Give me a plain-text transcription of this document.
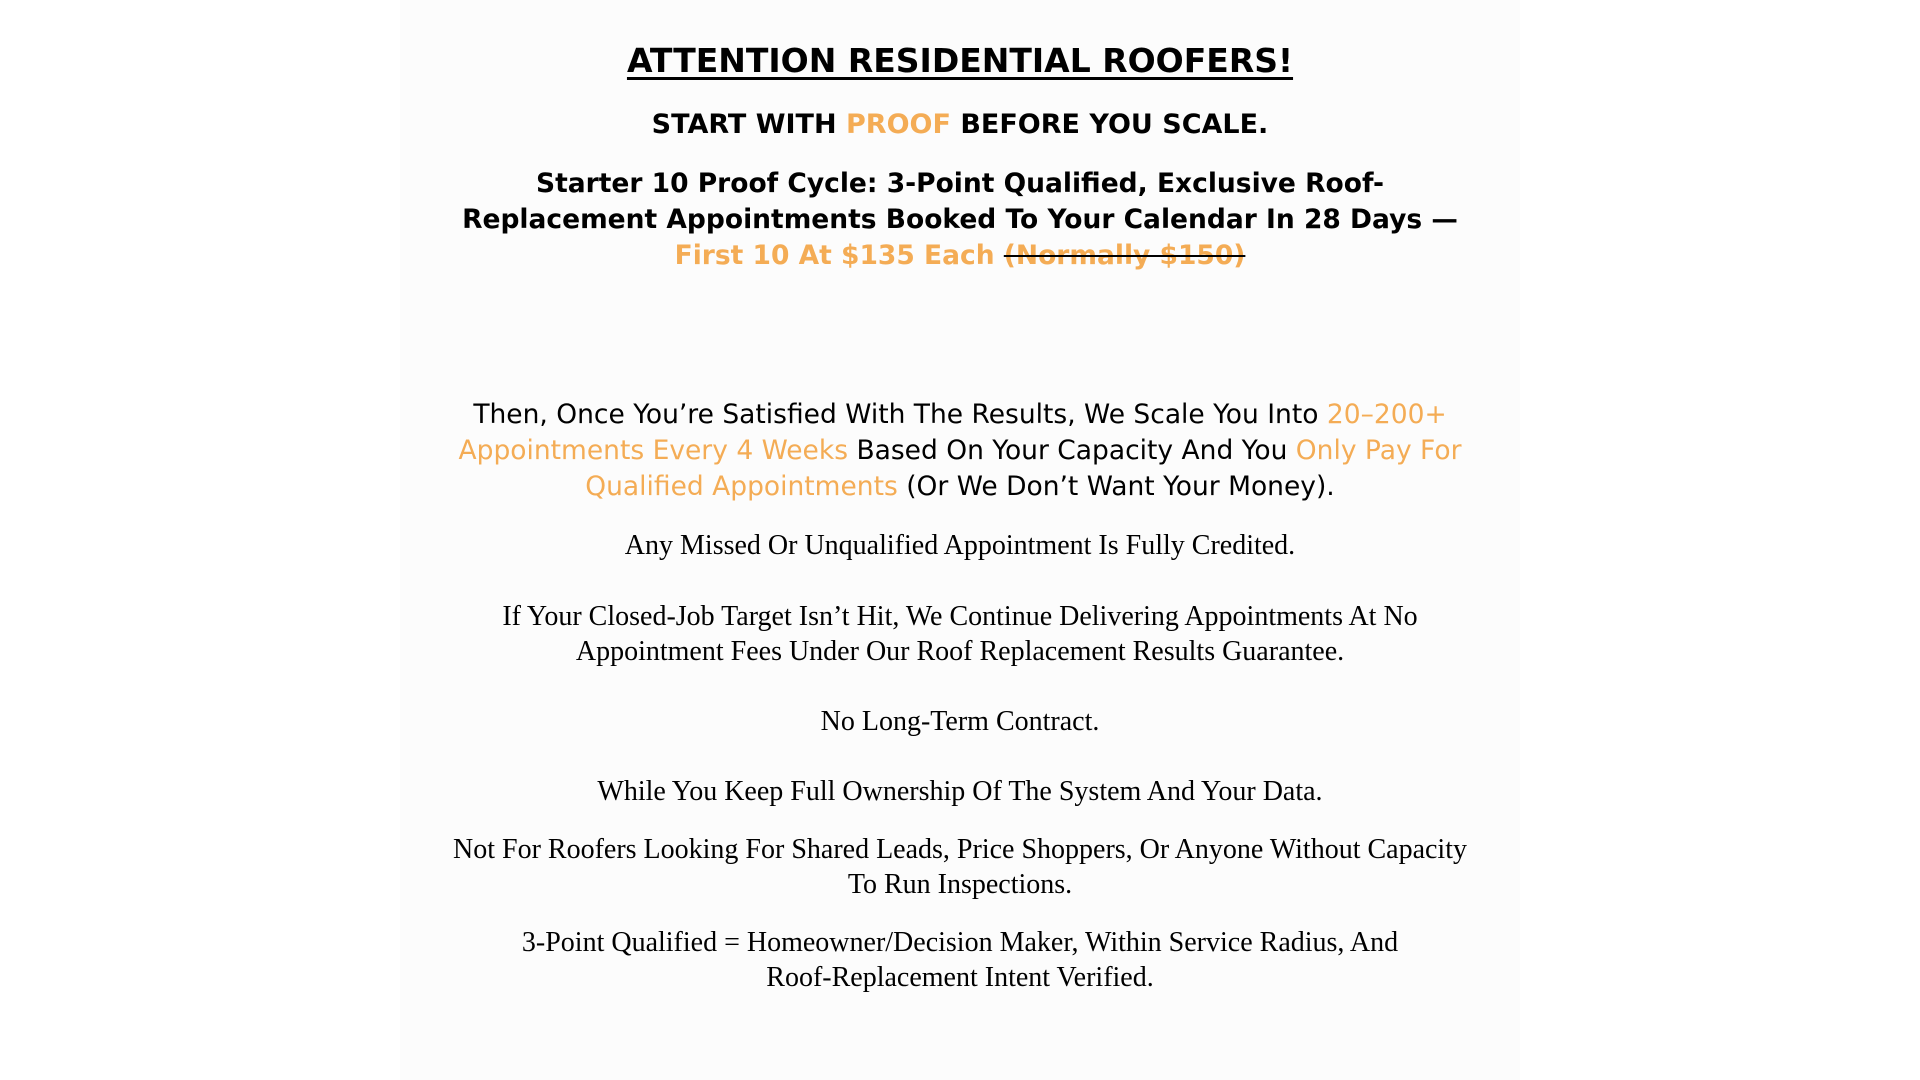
ATTENTION RESIDENTIAL ROOFERS!
START WITH PROOF BEFORE YOU SCALE.

Starter 10 Proof Cycle: 3-Point Qualified, Exclusive Roof-Replacement Appointments Booked To Your Calendar In 28 Days — First 10 At $135 Each (Normally $150)

Then, Once You’re Satisfied With The Results, We Scale You Into 20–200+ Appointments Every 4 Weeks Based On Your Capacity And You Only Pay For Qualified Appointments (Or We Don’t Want Your Money).

Any Missed Or Unqualified Appointment Is Fully Credited.

If Your Closed-Job Target Isn’t Hit, We Continue Delivering Appointments At No Appointment Fees Under Our Roof Replacement Results Guarantee.

No Long-Term Contract.

While You Keep Full Ownership Of The System And Your Data.

Not For Roofers Looking For Shared Leads, Price Shoppers, Or Anyone Without Capacity To Run Inspections.

3-Point Qualified = Homeowner/Decision Maker, Within Service Radius, And Roof-Replacement Intent Verified.
